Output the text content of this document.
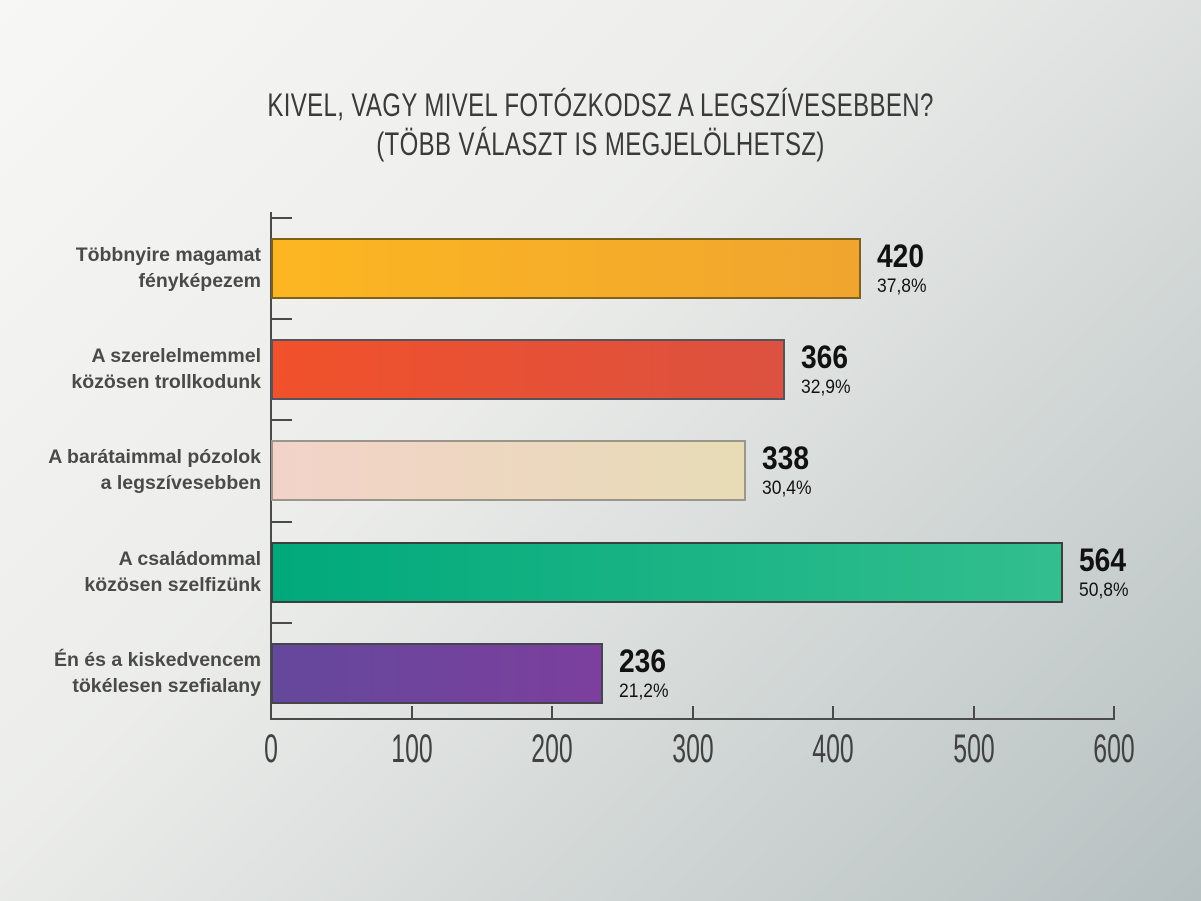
KIVEL, VAGY MIVEL FOTÓZKODSZ A LEGSZÍVESEBBEN?
(TÖBB VÁLASZT IS MEGJELÖLHETSZ)
Többnyire magamat
fényképezem
420
37,8%
A szerelelmemmel
közösen trollkodunk
366
32,9%
A barátaimmal pózolok
a legszívesebben
338
30,4%
A családommal
közösen szelfizünk
564
50,8%
Én és a kiskedvencem
tökélesen szefialany
236
21,2%
0	100	200	300	400	500	600
